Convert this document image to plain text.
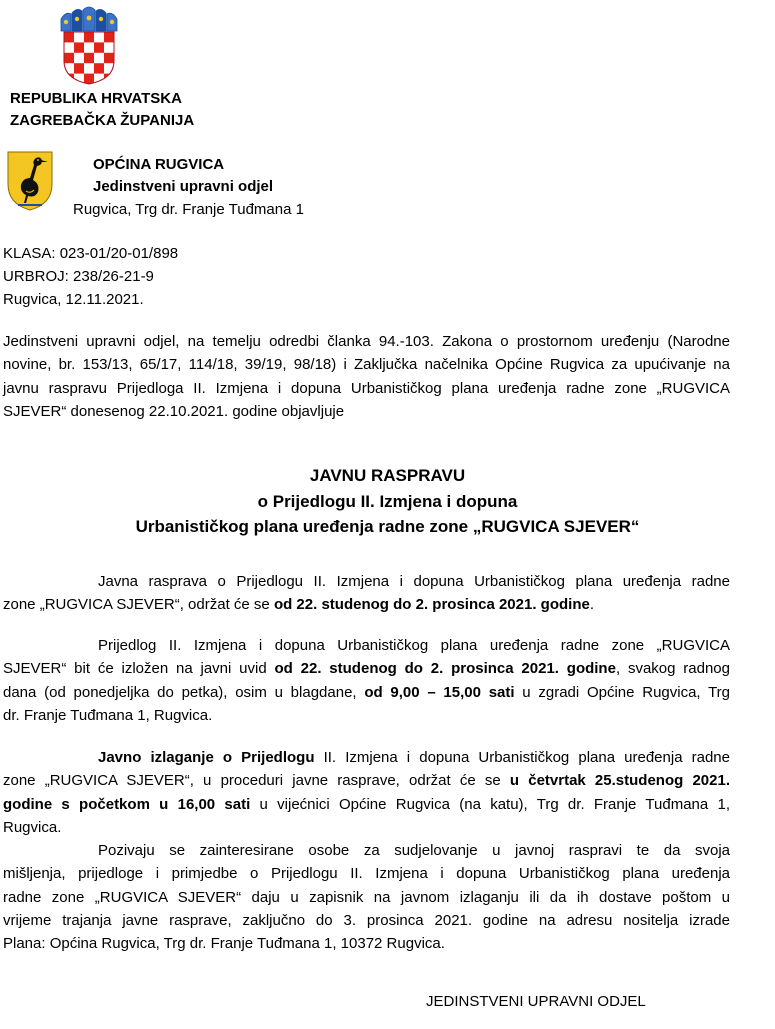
REPUBLIKA HRVATSKA
ZAGREBAČKA ŽUPANIJA
OPĆINA RUGVICA
Jedinstveni upravni odjel
Rugvica, Trg dr. Franje Tuđmana 1
KLASA: 023-01/20-01/898
URBROJ: 238/26-21-9
Rugvica, 12.11.2021.
Jedinstveni upravni odjel, na temelju odredbi članka 94.-103. Zakona o prostornom uređenju (Narodne
novine, br. 153/13, 65/17, 114/18, 39/19, 98/18) i Zaključka načelnika Općine Rugvica za upućivanje na
javnu raspravu Prijedloga II. Izmjena i dopuna Urbanističkog plana uređenja radne zone „RUGVICA
SJEVER“ donesenog 22.10.2021. godine objavljuje
JAVNU RASPRAVU
o Prijedlogu II. Izmjena i dopuna
Urbanističkog plana uređenja radne zone „RUGVICA SJEVER“
Javna rasprava o Prijedlogu II. Izmjena i dopuna Urbanističkog plana uređenja radne
zone „RUGVICA SJEVER“, održat će se od 22. studenog do 2. prosinca 2021. godine.
Prijedlog II. Izmjena i dopuna Urbanističkog plana uređenja radne zone „RUGVICA
SJEVER“ bit će izložen na javni uvid od 22. studenog do 2. prosinca 2021. godine, svakog radnog
dana (od ponedjeljka do petka), osim u blagdane, od 9,00 – 15,00 sati u zgradi Općine Rugvica, Trg
dr. Franje Tuđmana 1, Rugvica.
Javno izlaganje o Prijedlogu II. Izmjena i dopuna Urbanističkog plana uređenja radne
zone „RUGVICA SJEVER“, u proceduri javne rasprave, održat će se u četvrtak 25.studenog 2021.
godine s početkom u 16,00 sati u vijećnici Općine Rugvica (na katu), Trg dr. Franje Tuđmana 1,
Rugvica.
Pozivaju se zainteresirane osobe za sudjelovanje u javnoj raspravi te da svoja
mišljenja, prijedloge i primjedbe o Prijedlogu II. Izmjena i dopuna Urbanističkog plana uređenja
radne zone „RUGVICA SJEVER“ daju u zapisnik na javnom izlaganju ili da ih dostave poštom u
vrijeme trajanja javne rasprave, zaključno do 3. prosinca 2021. godine na adresu nositelja izrade
Plana: Općina Rugvica, Trg dr. Franje Tuđmana 1, 10372 Rugvica.
JEDINSTVENI UPRAVNI ODJEL
